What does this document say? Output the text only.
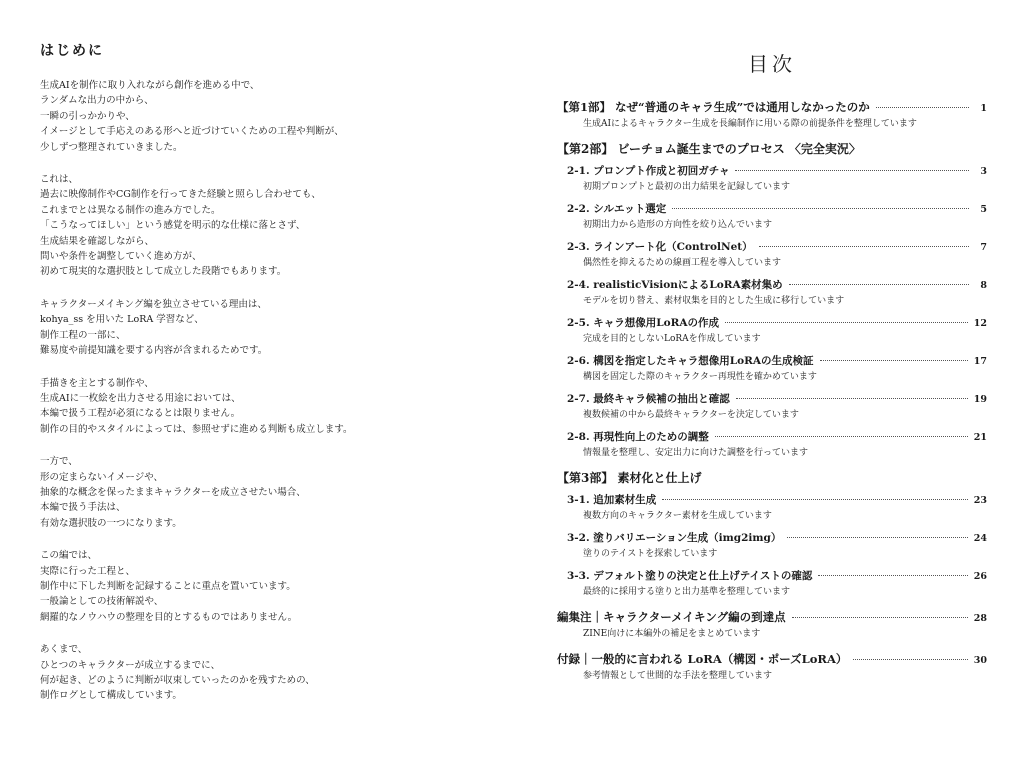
はじめに
生成AIを制作に取り入れながら創作を進める中で、
ランダムな出力の中から、
一瞬の引っかかりや、
イメージとして手応えのある形へと近づけていくための工程や判断が、
少しずつ整理されていきました。
これは、
過去に映像制作やCG制作を行ってきた経験と照らし合わせても、
これまでとは異なる制作の進み方でした。
「こうなってほしい」という感覚を明示的な仕様に落とさず、
生成結果を確認しながら、
問いや条件を調整していく進め方が、
初めて現実的な選択肢として成立した段階でもあります。
キャラクターメイキング編を独立させている理由は、
kohya_ss を用いた LoRA 学習など、
制作工程の一部に、
難易度や前提知識を要する内容が含まれるためです。
手描きを主とする制作や、
生成AIに一枚絵を出力させる用途においては、
本編で扱う工程が必須になるとは限りません。
制作の目的やスタイルによっては、参照せずに進める判断も成立します。
一方で、
形の定まらないイメージや、
抽象的な概念を保ったままキャラクターを成立させたい場合、
本編で扱う手法は、
有効な選択肢の一つになります。
この編では、
実際に行った工程と、
制作中に下した判断を記録することに重点を置いています。
一般論としての技術解説や、
網羅的なノウハウの整理を目的とするものではありません。
あくまで、
ひとつのキャラクターが成立するまでに、
何が起き、どのように判断が収束していったのかを残すための、
制作ログとして構成しています。
目次
【第1部】 なぜ“普通のキャラ生成”では通用しなかったのか	1
生成AIによるキャラクター生成を長編制作に用いる際の前提条件を整理しています
【第2部】 ビーチョム誕生までのプロセス 〈完全実況〉
2-1. プロンプト作成と初回ガチャ	3
初期プロンプトと最初の出力結果を記録しています
2-2. シルエット選定	5
初期出力から造形の方向性を絞り込んでいます
2-3. ラインアート化（ControlNet）	7
偶然性を抑えるための線画工程を導入しています
2-4. realisticVisionによるLoRA素材集め	8
モデルを切り替え、素材収集を目的とした生成に移行しています
2-5. キャラ想像用LoRAの作成	12
完成を目的としないLoRAを作成しています
2-6. 構図を指定したキャラ想像用LoRAの生成検証	17
構図を固定した際のキャラクター再現性を確かめています
2-7. 最終キャラ候補の抽出と確認	19
複数候補の中から最終キャラクターを決定しています
2-8. 再現性向上のための調整	21
情報量を整理し、安定出力に向けた調整を行っています
【第3部】 素材化と仕上げ
3-1. 追加素材生成	23
複数方向のキャラクター素材を生成しています
3-2. 塗りバリエーション生成（img2img）	24
塗りのテイストを探索しています
3-3. デフォルト塗りの決定と仕上げテイストの確認	26
最終的に採用する塗りと出力基準を整理しています
編集注｜キャラクターメイキング編の到達点	28
ZINE向けに本編外の補足をまとめています
付録｜一般的に言われる LoRA（構図・ポーズLoRA）	30
参考情報として世間的な手法を整理しています
